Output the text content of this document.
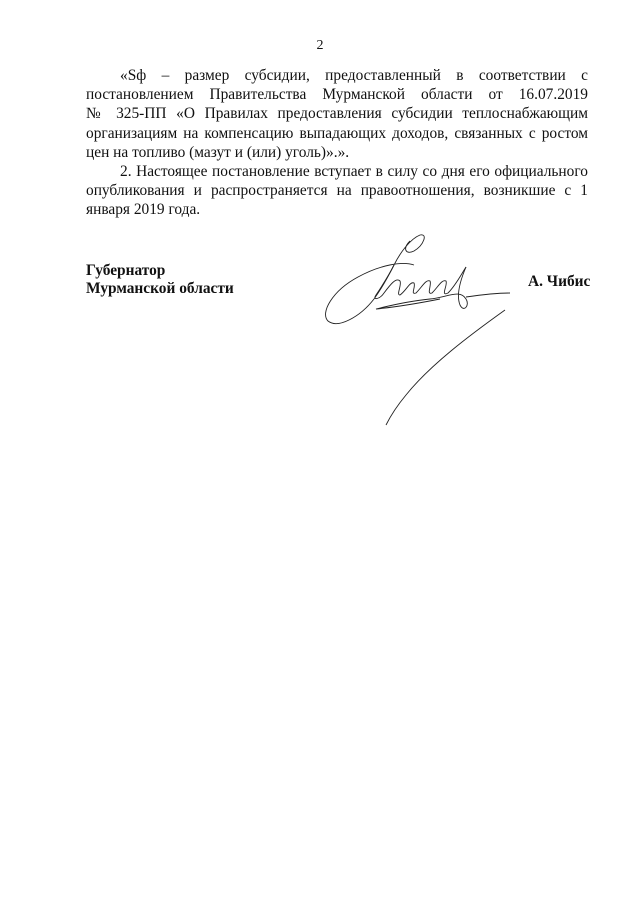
2

«Sф – размер субсидии, предоставленный в соответствии с
постановлением Правительства Мурманской области от 16.07.2019
№ 325-ПП «О Правилах предоставления субсидии теплоснабжающим
организациям на компенсацию выпадающих доходов, связанных с ростом
цен на топливо (мазут и (или) уголь)».».

2. Настоящее постановление вступает в силу со дня его официального
опубликования и распространяется на правоотношения, возникшие с 1
января 2019 года.

Губернатор
Мурманской области	А. Чибис
